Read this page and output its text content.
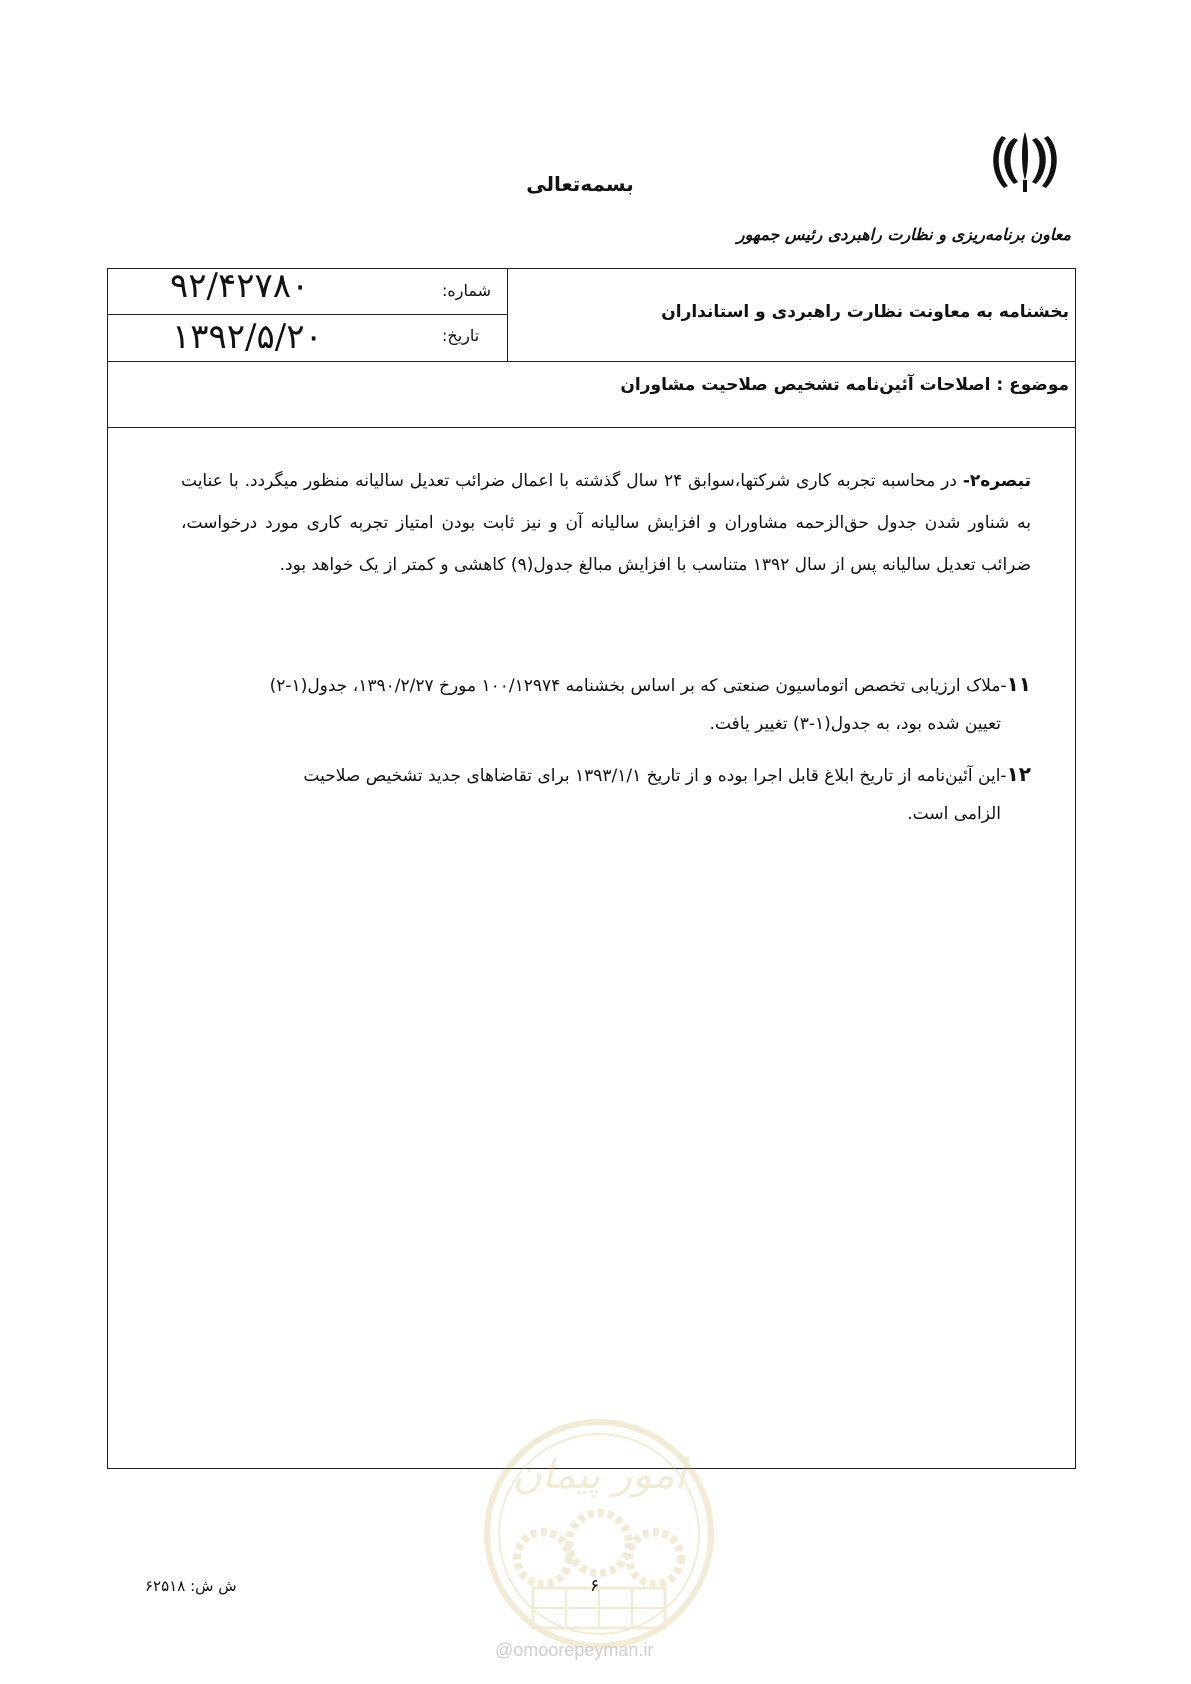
بسمه‌تعالی
معاون برنامه‌ریزی و نظارت راهبردی رئیس جمهور
بخشنامه به معاونت نظارت راهبردی و استانداران
شماره:
تاریخ:
۹۲/۴۲۷۸۰
۱۳۹۲/۵/۲۰
موضوع : اصلاحات آئین‌نامه تشخیص صلاحیت مشاوران
تبصره۲- در محاسبه تجربه کاری شرکتها،سوابق ۲۴ سال گذشته با اعمال ضرائب تعدیل سالیانه منظور میگردد. با عنایت به شناور شدن جدول حق‌الزحمه مشاوران و افزایش سالیانه آن و نیز ثابت بودن امتیاز تجربه کاری مورد درخواست، ضرائب تعدیل سالیانه پس از سال ۱۳۹۲ متناسب با افزایش مبالغ جدول(۹) کاهشی و کمتر از یک خواهد بود.
۱۱-ملاک ارزیابی تخصص اتوماسیون صنعتی که بر اساس بخشنامه ۱۰۰/۱۲۹۷۴ مورخ ۱۳۹۰/۲/۲۷، جدول(۱-۲)
تعیین شده بود، به جدول(۱-۳) تغییر یافت.
۱۲-این آئین‌نامه از تاریخ ابلاغ قابل اجرا بوده و از تاریخ ۱۳۹۳/۱/۱ برای تقاضاهای جدید تشخیص صلاحیت
الزامی است.
امور پیمان
۶
ش ش: ۶۲۵۱۸
@omoorepeyman.ir
